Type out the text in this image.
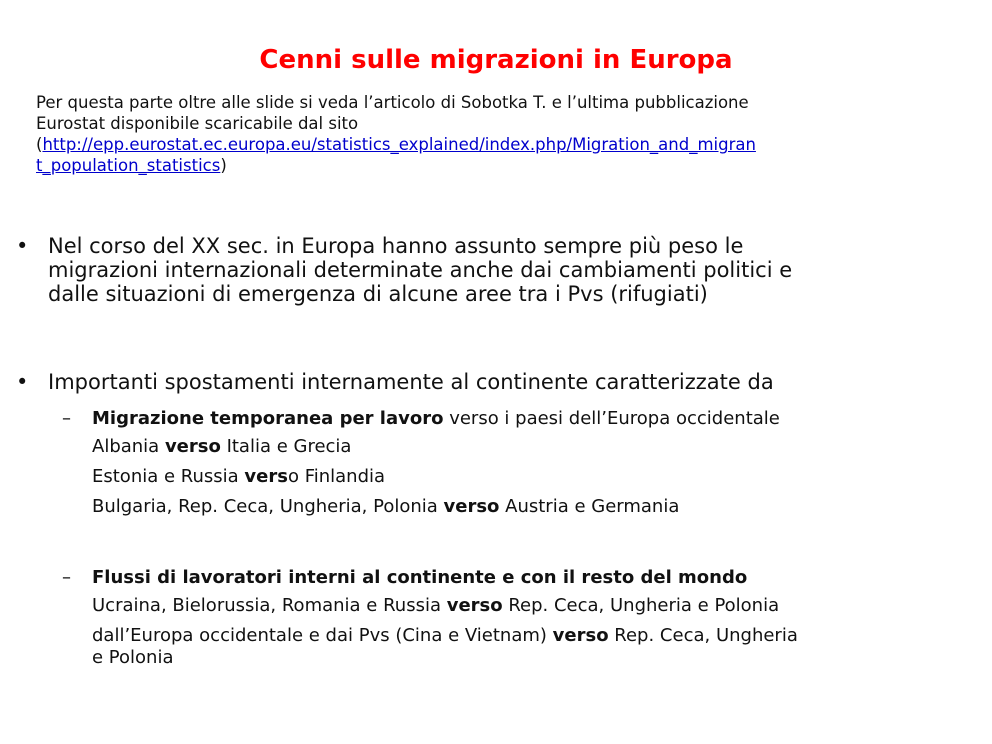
Cenni sulle migrazioni in Europa
Per questa parte oltre alle slide si veda l’articolo di Sobotka T. e l’ultima pubblicazione
Eurostat disponibile scaricabile dal sito
(http://epp.eurostat.ec.europa.eu/statistics_explained/index.php/Migration_and_migran
t_population_statistics)
• Nel corso del XX sec. in Europa hanno assunto sempre più peso le
migrazioni internazionali determinate anche dai cambiamenti politici e
dalle situazioni di emergenza di alcune aree tra i Pvs (rifugiati)
• Importanti spostamenti internamente al continente caratterizzate da
– Migrazione temporanea per lavoro verso i paesi dell’Europa occidentale
Albania verso Italia e Grecia
Estonia e Russia verso Finlandia
Bulgaria, Rep. Ceca, Ungheria, Polonia verso Austria e Germania
– Flussi di lavoratori interni al continente e con il resto del mondo
Ucraina, Bielorussia, Romania e Russia verso Rep. Ceca, Ungheria e Polonia
dall’Europa occidentale e dai Pvs (Cina e Vietnam) verso Rep. Ceca, Ungheria
e Polonia
